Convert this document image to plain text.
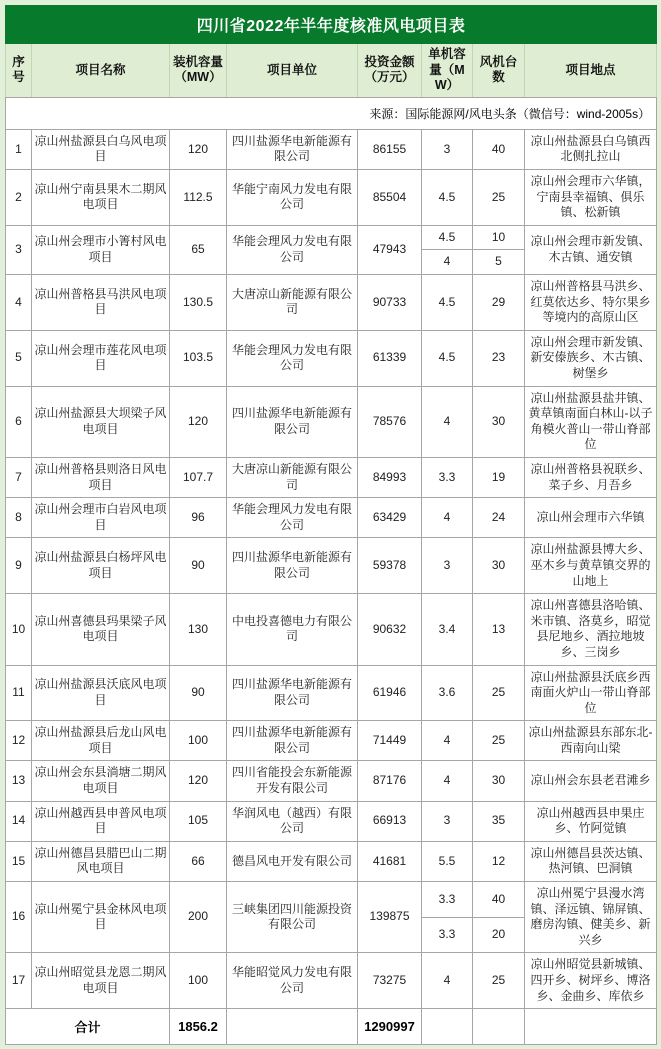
四川省2022年半年度核准风电项目表							
序号	项目名称	装机容量（MW）	项目单位	投资金额（万元）	单机容量（MW）	风机台数	项目地点
来源：国际能源网/风电头条（微信号：wind-2005s）							
1	凉山州盐源县白乌风电项目	120	四川盐源华电新能源有限公司	86155	3	40	凉山州盐源县白乌镇西北侧扎拉山
2	凉山州宁南县果木二期风电项目	112.5	华能宁南风力发电有限公司	85504	4.5	25	凉山州会理市六华镇，宁南县幸福镇、俱乐镇、松新镇
3	凉山州会理市小箐村风电项目	65	华能会理风力发电有限公司	47943	4.5	10	凉山州会理市新发镇、木古镇、通安镇
					4	5	
4	凉山州普格县马洪风电项目	130.5	大唐凉山新能源有限公司	90733	4.5	29	凉山州普格县马洪乡、红莫依达乡、特尔果乡等境内的高原山区
5	凉山州会理市莲花风电项目	103.5	华能会理风力发电有限公司	61339	4.5	23	凉山州会理市新发镇、新安傣族乡、木古镇、树堡乡
6	凉山州盐源县大坝梁子风电项目	120	四川盐源华电新能源有限公司	78576	4	30	凉山州盐源县盐井镇、黄草镇南面白林山-以子角模火普山一带山脊部位
7	凉山州普格县则洛日风电项目	107.7	大唐凉山新能源有限公司	84993	3.3	19	凉山州普格县祝联乡、菜子乡、月吾乡
8	凉山州会理市白岩风电项目	96	华能会理风力发电有限公司	63429	4	24	凉山州会理市六华镇
9	凉山州盐源县白杨坪风电项目	90	四川盐源华电新能源有限公司	59378	3	30	凉山州盐源县博大乡、巫木乡与黄草镇交界的山地上
10	凉山州喜德县玛果梁子风电项目	130	中电投喜德电力有限公司	90632	3.4	13	凉山州喜德县洛哈镇、米市镇、洛莫乡，昭觉县尼地乡、酒拉地坡乡、三岗乡
11	凉山州盐源县沃底风电项目	90	四川盐源华电新能源有限公司	61946	3.6	25	凉山州盐源县沃底乡西南面火炉山一带山脊部位
12	凉山州盐源县后龙山风电项目	100	四川盐源华电新能源有限公司	71449	4	25	凉山州盐源县东部东北-西南向山梁
13	凉山州会东县淌塘二期风电项目	120	四川省能投会东新能源开发有限公司	87176	4	30	凉山州会东县老君滩乡
14	凉山州越西县申普风电项目	105	华润风电（越西）有限公司	66913	3	35	凉山州越西县申果庄乡、竹阿觉镇
15	凉山州德昌县腊巴山二期风电项目	66	德昌风电开发有限公司	41681	5.5	12	凉山州德昌县茨达镇、热河镇、巴洞镇
16	凉山州冕宁县金林风电项目	200	三峡集团四川能源投资有限公司	139875	3.3	40	凉山州冕宁县漫水湾镇、泽远镇、锦屏镇、磨房沟镇、健美乡、新兴乡
					3.3	20	
17	凉山州昭觉县龙恩二期风电项目	100	华能昭觉风力发电有限公司	73275	4	25	凉山州昭觉县新城镇、四开乡、树坪乡、博洛乡、金曲乡、库依乡
合计		1856.2		1290997			
